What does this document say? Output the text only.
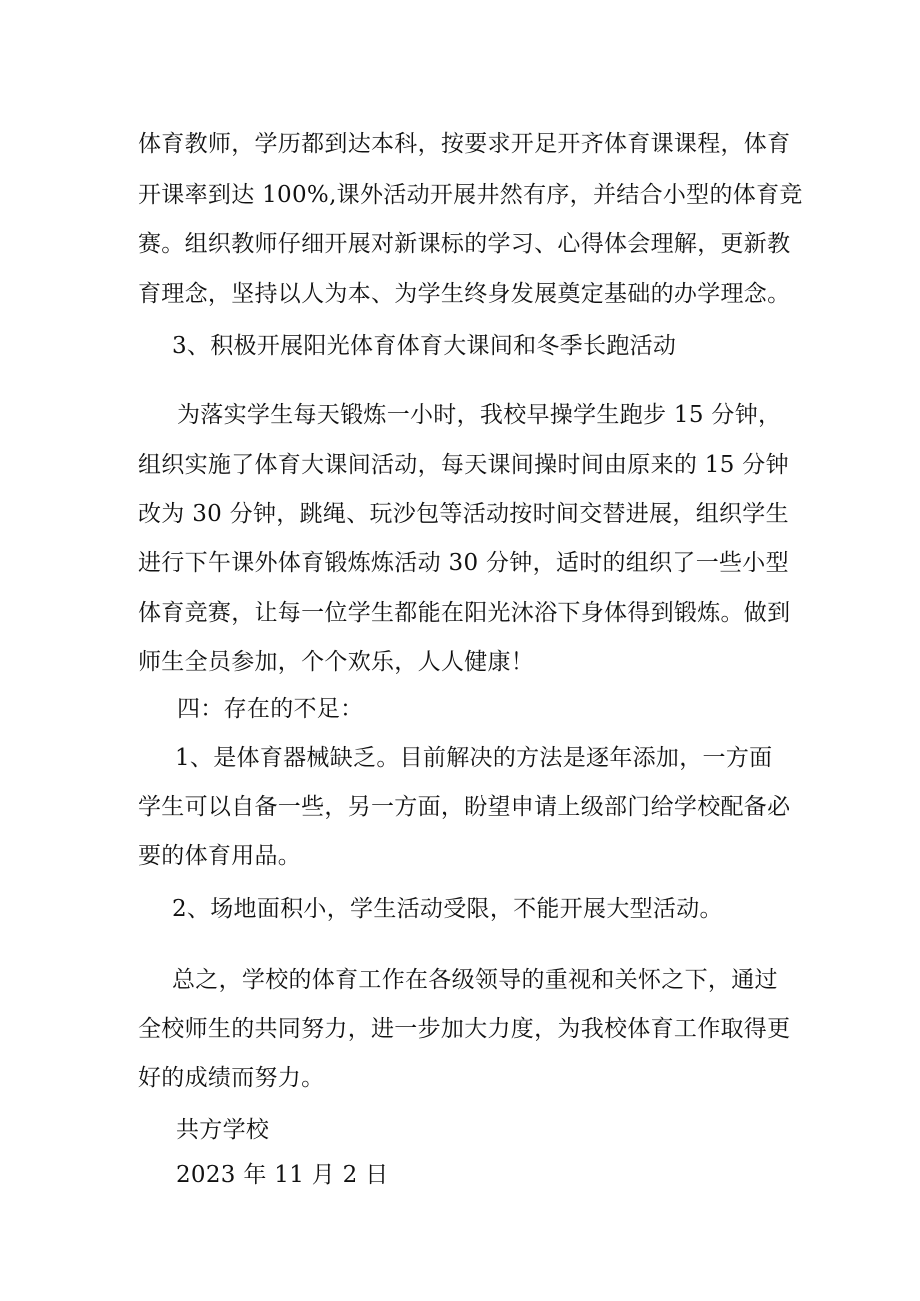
体育教师，学历都到达本科，按要求开足开齐体育课课程，体育
开课率到达 100%,课外活动开展井然有序，并结合小型的体育竞
赛。组织教师仔细开展对新课标的学习、心得体会理解，更新教
育理念，坚持以人为本、为学生终身发展奠定基础的办学理念。
3、积极开展阳光体育体育大课间和冬季长跑活动
为落实学生每天锻炼一小时，我校早操学生跑步 15 分钟，
组织实施了体育大课间活动，每天课间操时间由原来的 15 分钟
改为 30 分钟，跳绳、玩沙包等活动按时间交替进展，组织学生
进行下午课外体育锻炼炼活动 30 分钟，适时的组织了一些小型
体育竞赛，让每一位学生都能在阳光沐浴下身体得到锻炼。做到
师生全员参加，个个欢乐，人人健康！
四：存在的不足：
1、是体育器械缺乏。目前解决的方法是逐年添加，一方面
学生可以自备一些，另一方面，盼望申请上级部门给学校配备必
要的体育用品。
2、场地面积小，学生活动受限，不能开展大型活动。
总之，学校的体育工作在各级领导的重视和关怀之下，通过
全校师生的共同努力，进一步加大力度，为我校体育工作取得更
好的成绩而努力。
共方学校
2023 年 11 月 2 日
